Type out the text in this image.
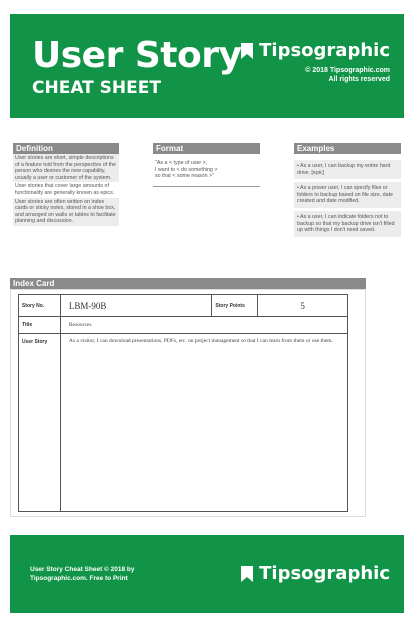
User Story
CHEAT SHEET
Tipsographic
© 2018 Tipsographic.com
All rights reserved
Definition
User stories are short, simple descriptions of a feature told from the perspective of the person who desires the new capability, usually a user or customer of the system.
User stories that cover large amounts of functionality are generally known as epics.
User stories are often written on index cards or sticky notes, stored in a shoe box, and arranged on walls or tables to facilitate planning and discussion.
Format
"As a < type of user >,
I want to < do something >
so that < some reason >"
Examples
• As a user, I can backup my entire hard drive. [epic]
• As a power user, I can specify files or folders to backup based on file size, date created and date modified.
• As a user, I can indicate folders not to backup so that my backup drive isn't filled up with things I don't need saved.
Index Card
Story No.	LBM-90B	Story Points	5
Title	Resources		
User Story	As a visitor, I can download presentations, PDFs, etc. on project management so that I can learn from them or use them.		
User Story Cheat Sheet © 2018 by
Tipsographic.com. Free to Print	Tipsographic
